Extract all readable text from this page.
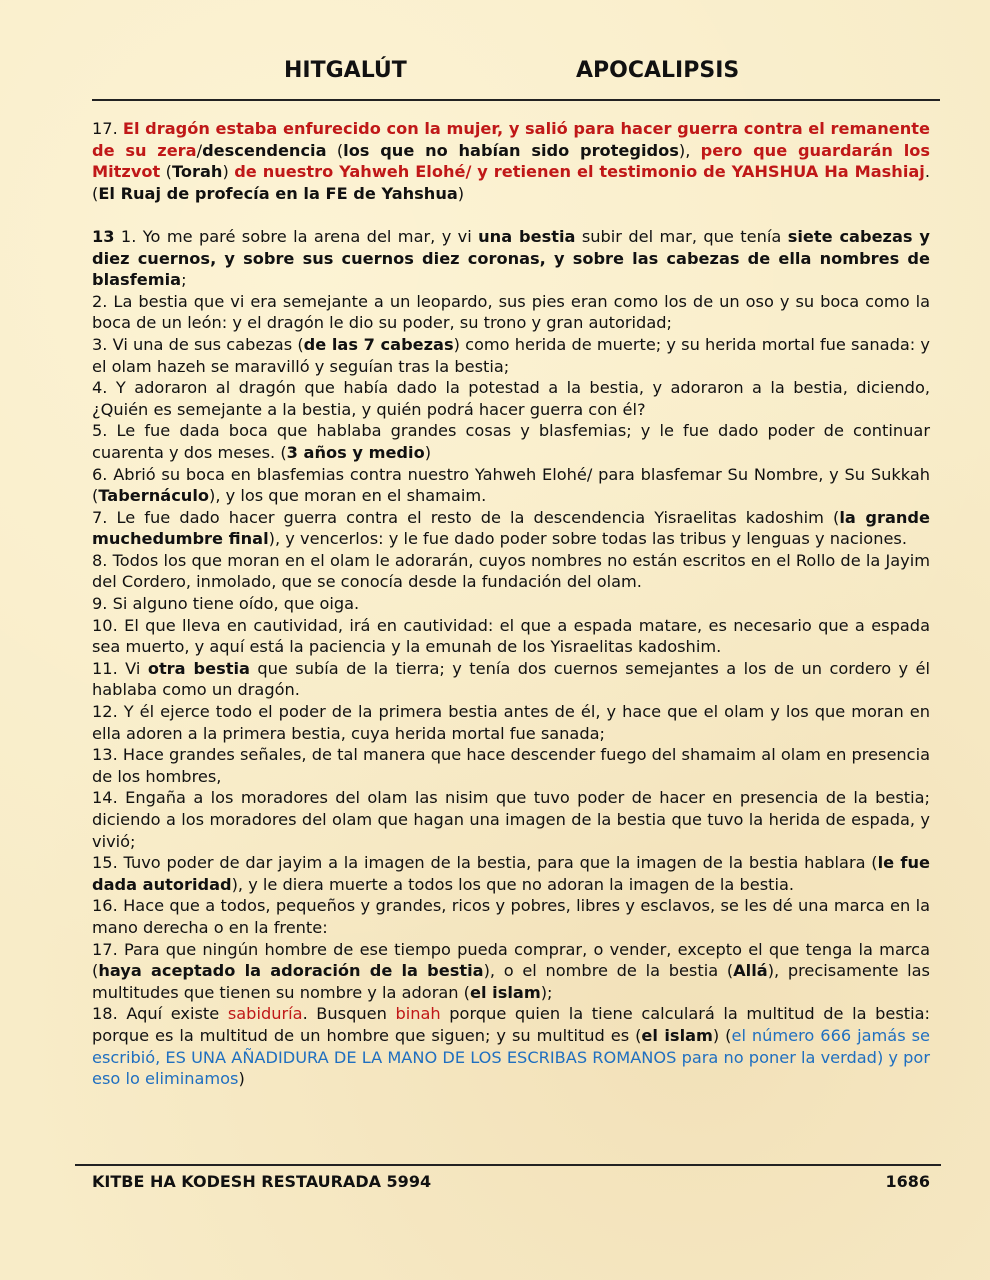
HITGALÚT	APOCALIPSIS

17. El dragón estaba enfurecido con la mujer, y salió para hacer guerra contra el remanente de su zera/descendencia (los que no habían sido protegidos), pero que guardarán los Mitzvot (Torah) de nuestro Yahweh Elohé/ y retienen el testimonio de YAHSHUA Ha Mashiaj. (El Ruaj de profecía en la FE de Yahshua)

13 1. Yo me paré sobre la arena del mar, y vi una bestia subir del mar, que tenía siete cabezas y diez cuernos, y sobre sus cuernos diez coronas, y sobre las cabezas de ella nombres de blasfemia;

2. La bestia que vi era semejante a un leopardo, sus pies eran como los de un oso y su boca como la boca de un león: y el dragón le dio su poder, su trono y gran autoridad;

3. Vi una de sus cabezas (de las 7 cabezas) como herida de muerte; y su herida mortal fue sanada: y el olam hazeh se maravilló y seguían tras la bestia;

4. Y adoraron al dragón que había dado la potestad a la bestia, y adoraron a la bestia, diciendo, ¿Quién es semejante a la bestia, y quién podrá hacer guerra con él?

5. Le fue dada boca que hablaba grandes cosas y blasfemias; y le fue dado poder de continuar cuarenta y dos meses. (3 años y medio)

6. Abrió su boca en blasfemias contra nuestro Yahweh Elohé/ para blasfemar Su Nombre, y Su Sukkah (Tabernáculo), y los que moran en el shamaim.

7. Le fue dado hacer guerra contra el resto de la descendencia Yisraelitas kadoshim (la grande muchedumbre final), y vencerlos: y le fue dado poder sobre todas las tribus y lenguas y naciones.

8. Todos los que moran en el olam le adorarán, cuyos nombres no están escritos en el Rollo de la Jayim del Cordero, inmolado, que se conocía desde la fundación del olam.

9. Si alguno tiene oído, que oiga.

10. El que lleva en cautividad, irá en cautividad: el que a espada matare, es necesario que a espada sea muerto, y aquí está la paciencia y la emunah de los Yisraelitas kadoshim.

11. Vi otra bestia que subía de la tierra; y tenía dos cuernos semejantes a los de un cordero y él hablaba como un dragón.

12. Y él ejerce todo el poder de la primera bestia antes de él, y hace que el olam y los que moran en ella adoren a la primera bestia, cuya herida mortal fue sanada;

13. Hace grandes señales, de tal manera que hace descender fuego del shamaim al olam en presencia de los hombres,

14. Engaña a los moradores del olam las nisim que tuvo poder de hacer en presencia de la bestia; diciendo a los moradores del olam que hagan una imagen de la bestia que tuvo la herida de espada, y vivió;

15. Tuvo poder de dar jayim a la imagen de la bestia, para que la imagen de la bestia hablara (le fue dada autoridad), y le diera muerte a todos los que no adoran la imagen de la bestia.

16. Hace que a todos, pequeños y grandes, ricos y pobres, libres y esclavos, se les dé una marca en la mano derecha o en la frente:

17. Para que ningún hombre de ese tiempo pueda comprar, o vender, excepto el que tenga la marca (haya aceptado la adoración de la bestia), o el nombre de la bestia (Allá), precisamente las multitudes que tienen su nombre y la adoran (el islam);

18. Aquí existe sabiduría. Busquen binah porque quien la tiene calculará la multitud de la bestia: porque es la multitud de un hombre que siguen; y su multitud es (el islam) (el número 666 jamás se escribió, ES UNA AÑADIDURA DE LA MANO DE LOS ESCRIBAS ROMANOS para no poner la verdad) y por eso lo eliminamos)

KITBE HA KODESH RESTAURADA 5994	1686
